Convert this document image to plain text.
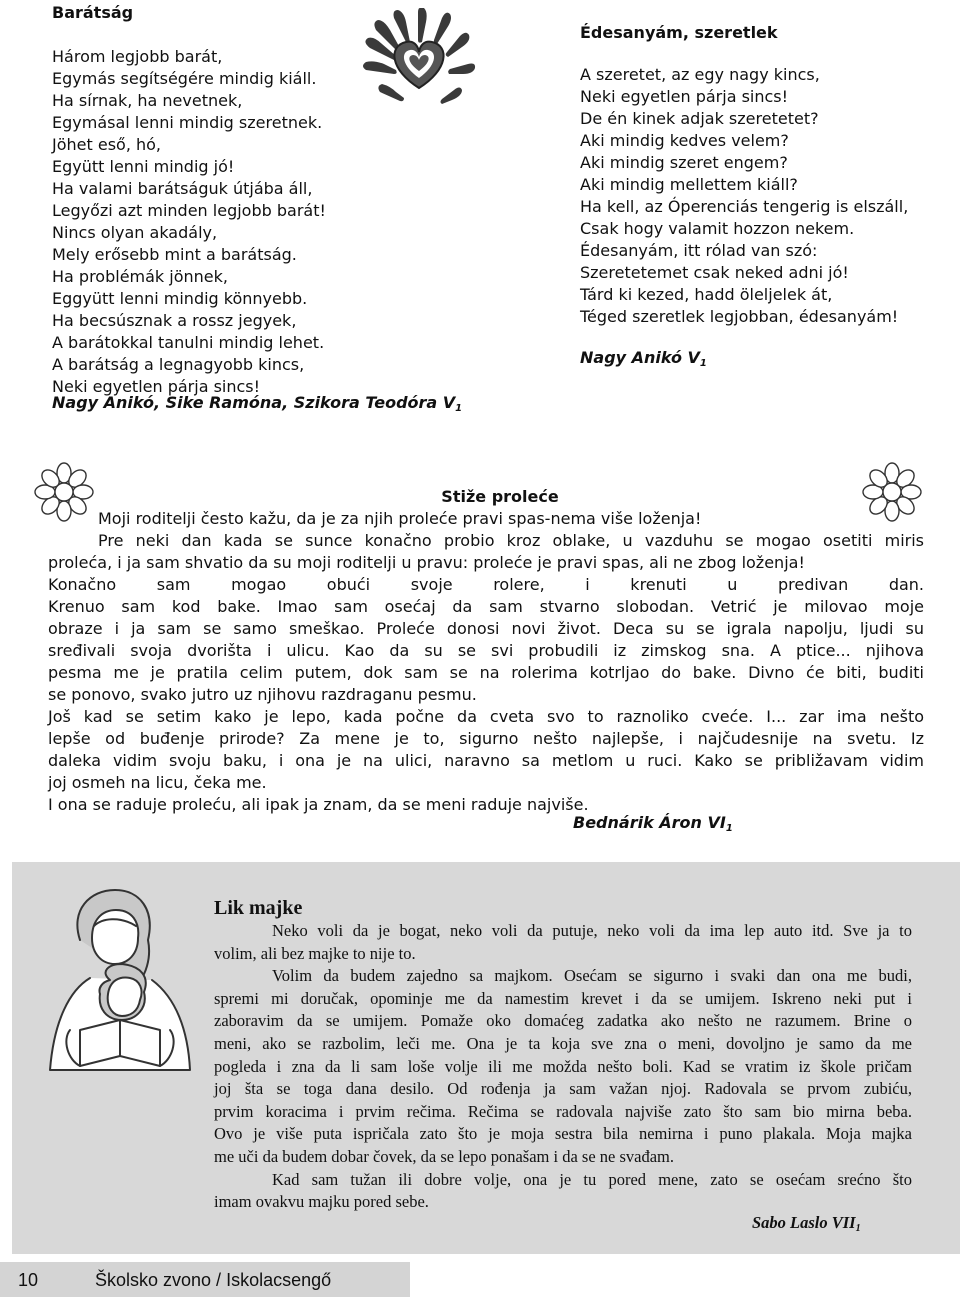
Barátság
Három legjobb barát,
Egymás segítségére mindig kiáll.
Ha sírnak, ha nevetnek,
Egymásal lenni mindig szeretnek.
Jöhet eső, hó,
Együtt lenni mindig jó!
Ha valami barátságuk útjába áll,
Legyőzi azt minden legjobb barát!
Nincs olyan akadály,
Mely erősebb mint a barátság.
Ha problémák jönnek,
Eggyütt lenni mindig könnyebb.
Ha becsúsznak a rossz jegyek,
A barátokkal tanulni mindig lehet.
A barátság a legnagyobb kincs,
Neki egyetlen párja sincs!
Nagy Anikó, Sike Ramóna, Szikora Teodóra $V_1$
Édesanyám, szeretlek
A szeretet, az egy nagy kincs,
Neki egyetlen párja sincs!
De én kinek adjak szeretetet?
Aki mindig kedves velem?
Aki mindig szeret engem?
Aki mindig mellettem kiáll?
Ha kell, az Óperenciás tengerig is elszáll,
Csak hogy valamit hozzon nekem.
Édesanyám, itt rólad van szó:
Szeretetemet csak neked adni jó!
Tárd ki kezed, hadd öleljelek át,
Téged szeretlek legjobban, édesanyám!
Nagy Anikó $V_1$
Stiže proleće
Moji roditelji često kažu, da je za njih proleće pravi spas-nema više loženja!
Pre neki dan kada se sunce konačno probio kroz oblake, u vazduhu se mogao osetiti miris
proleća, i ja sam shvatio da su moji roditelji u pravu: proleće je pravi spas, ali ne zbog loženja!
Konačno sam mogao obući svoje rolere, i krenuti u predivan dan.
Krenuo sam kod bake. Imao sam osećaj da sam stvarno slobodan. Vetrić je milovao moje
obraze i ja sam se samo smeškao. Proleće donosi novi život. Deca su se igrala napolju, ljudi su
sređivali svoja dvorišta i ulicu. Kao da su se svi probudili iz zimskog sna. A ptice... njihova
pesma me je pratila celim putem, dok sam se na rolerima kotrljao do bake. Divno će biti, buditi
se ponovo, svako jutro uz njihovu razdraganu pesmu.
Još kad se setim kako je lepo, kada počne da cveta svo to raznoliko cveće. I... zar ima nešto
lepše od buđenje prirode? Za mene je to, sigurno nešto najlepše, i najčudesnije na svetu. Iz
daleka vidim svoju baku, i ona je na ulici, naravno sa metlom u ruci. Kako se približavam vidim
joj osmeh na licu, čeka me.
I ona se raduje proleću, ali ipak ja znam, da se meni raduje najviše.
Bednárik Áron $VI_1$
Lik majke
Neko voli da je bogat, neko voli da putuje, neko voli da ima lep auto itd. Sve ja to
volim, ali bez majke to nije to.
Volim da budem zajedno sa majkom. Osećam se sigurno i svaki dan ona me budi,
spremi mi doručak, opominje me da namestim krevet i da se umijem. Iskreno neki put i
zaboravim da se umijem. Pomaže oko domaćeg zadatka ako nešto ne razumem. Brine o
meni, ako se razbolim, leči me. Ona je ta koja sve zna o meni, dovoljno je samo da me
pogleda i zna da li sam loše volje ili me možda nešto boli. Kad se vratim iz škole pričam
joj šta se toga dana desilo. Od rođenja ja sam važan njoj. Radovala se prvom zubiću,
prvim koracima i prvim rečima. Rečima se radovala najviše zato što sam bio mirna beba.
Ovo je više puta ispričala zato što je moja sestra bila nemirna i puno plakala. Moja majka
me uči da budem dobar čovek, da se lepo ponašam i da se ne svađam.
Kad sam tužan ili dobre volje, ona je tu pored mene, zato se osećam srećno što
imam ovakvu majku pored sebe.
Sabo Laslo $VII_1$
10	Školsko zvono / Iskolacsengő
